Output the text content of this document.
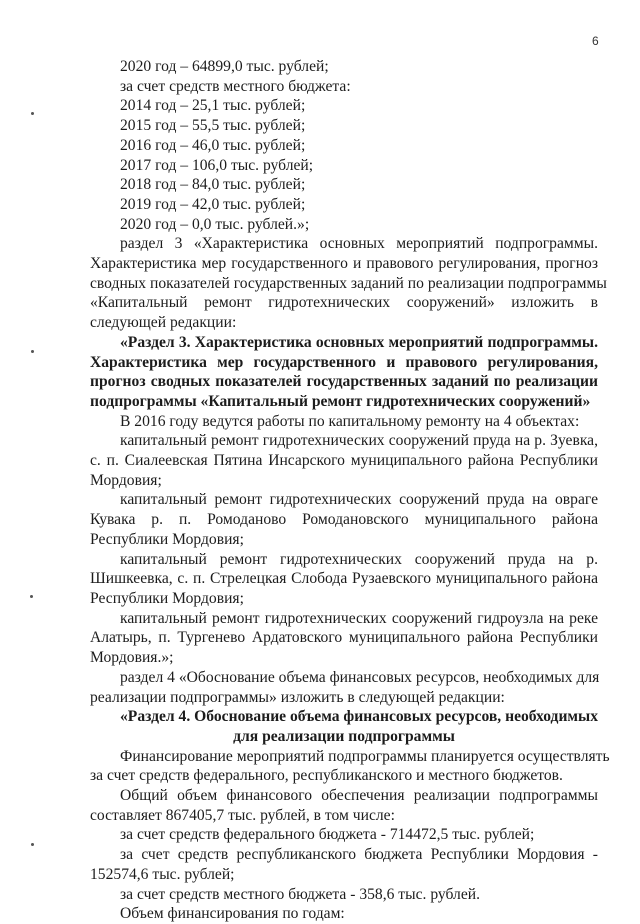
6

2020 год – 64899,0 тыс. рублей;

за счет средств местного бюджета:

2014 год – 25,1 тыс. рублей;

2015 год – 55,5 тыс. рублей;

2016 год – 46,0 тыс. рублей;

2017 год – 106,0 тыс. рублей;

2018 год – 84,0 тыс. рублей;

2019 год – 42,0 тыс. рублей;

2020 год – 0,0 тыс. рублей.»;

раздел 3 «Характеристика основных мероприятий подпрограммы.

Характеристика мер государственного и правового регулирования, прогноз

сводных показателей государственных заданий по реализации подпрограммы

«Капитальный ремонт гидротехнических сооружений» изложить в

следующей редакции:

«Раздел 3. Характеристика основных мероприятий подпрограммы.

Характеристика мер государственного и правового регулирования,

прогноз сводных показателей государственных заданий по реализации

подпрограммы «Капитальный ремонт гидротехнических сооружений»

В 2016 году ведутся работы по капитальному ремонту на 4 объектах:

капитальный ремонт гидротехнических сооружений пруда на р. Зуевка,

с. п. Сиалеевская Пятина Инсарского муниципального района Республики

Мордовия;

капитальный ремонт гидротехнических сооружений пруда на овраге

Кувака р. п. Ромоданово Ромодановского муниципального района

Республики Мордовия;

капитальный ремонт гидротехнических сооружений пруда на р.

Шишкеевка, с. п. Стрелецкая Слобода Рузаевского муниципального района

Республики Мордовия;

капитальный ремонт гидротехнических сооружений гидроузла на реке

Алатырь, п. Тургенево Ардатовского муниципального района Республики

Мордовия.»;

раздел 4 «Обоснование объема финансовых ресурсов, необходимых для

реализации подпрограммы» изложить в следующей редакции:

«Раздел 4. Обоснование объема финансовых ресурсов, необходимых

для реализации подпрограммы

Финансирование мероприятий подпрограммы планируется осуществлять

за счет средств федерального, республиканского и местного бюджетов.

Общий объем финансового обеспечения реализации подпрограммы

составляет 867405,7 тыс. рублей, в том числе:

за счет средств федерального бюджета - 714472,5 тыс. рублей;

за счет средств республиканского бюджета Республики Мордовия -

152574,6 тыс. рублей;

за счет средств местного бюджета - 358,6 тыс. рублей.

Объем финансирования по годам:
